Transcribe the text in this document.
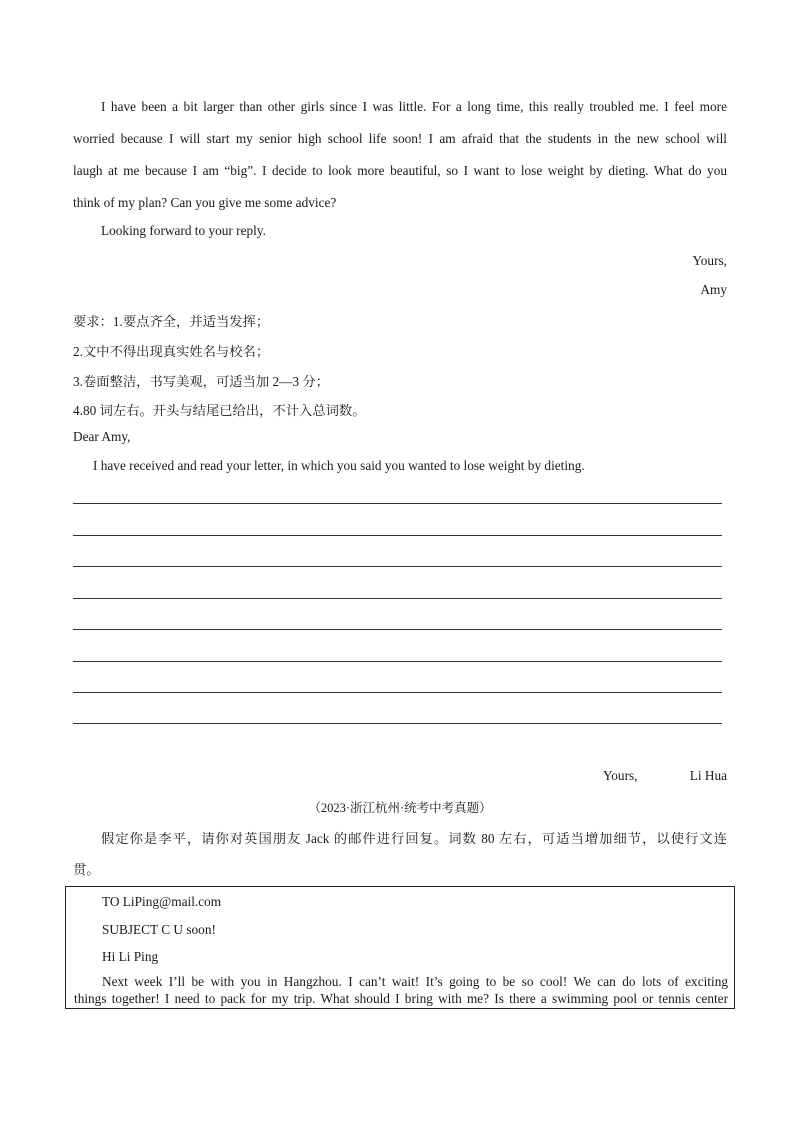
I have been a bit larger than other girls since I was little. For a long time, this really troubled me. I feel more
worried because I will start my senior high school life soon! I am afraid that the students in the new school will
laugh at me because I am “big”. I decide to look more beautiful, so I want to lose weight by dieting. What do you
think of my plan? Can you give me some advice?
Looking forward to your reply.
Yours,
Amy
要求：1.要点齐全，并适当发挥；
2.文中不得出现真实姓名与校名；
3.卷面整洁，书写美观，可适当加 2—3 分；
4.80 词左右。开头与结尾已给出，不计入总词数。
Dear Amy,
I have received and read your letter, in which you said you wanted to lose weight by dieting.
Yours,	Li Hua
（2023·浙江杭州·统考中考真题）
假定你是李平，请你对英国朋友 Jack 的邮件进行回复。词数 80 左右，可适当增加细节，以使行文连
贯。
TO LiPing@mail.com
SUBJECT C U soon!
Hi Li Ping
Next week I’ll be with you in Hangzhou. I can’t wait! It’s going to be so cool! We can do lots of exciting
things together! I need to pack for my trip. What should I bring with me? Is there a swimming pool or tennis center
